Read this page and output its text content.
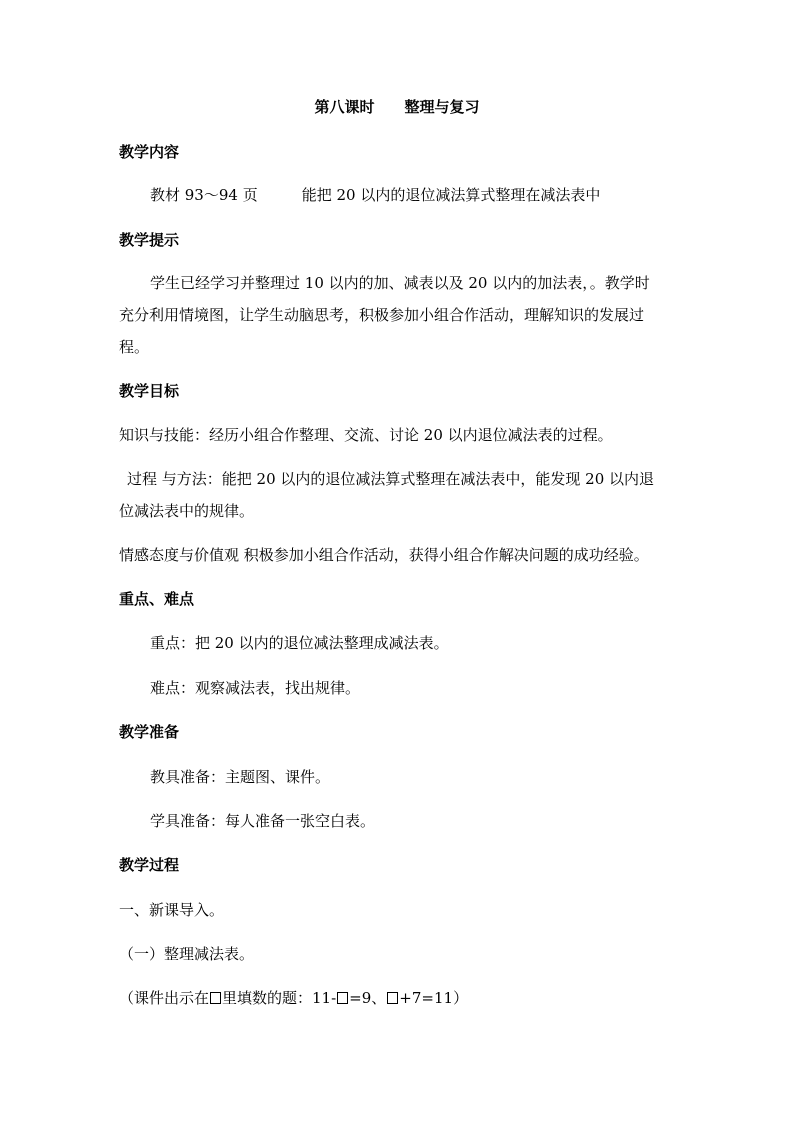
第八课时 整理与复习
教学内容
教材 93～94 页	能把 20 以内的退位减法算式整理在减法表中
教学提示
学生已经学习并整理过 10 以内的加、减表以及 20 以内的加法表，。教学时
充分利用情境图，让学生动脑思考，积极参加小组合作活动，理解知识的发展过
程。
教学目标
知识与技能：经历小组合作整理、交流、讨论 20 以内退位减法表的过程。
过程 与方法：能把 20 以内的退位减法算式整理在减法表中，能发现 20 以内退
位减法表中的规律。
情感态度与价值观 积极参加小组合作活动，获得小组合作解决问题的成功经验。
重点、难点
重点：把 20 以内的退位减法整理成减法表。
难点：观察减法表，找出规律。
教学准备
教具准备：主题图、课件。
学具准备：每人准备一张空白表。
教学过程
一、新课导入。
（一）整理减法表。
（课件出示在 里填数的题：11- =9、 +7=11）
